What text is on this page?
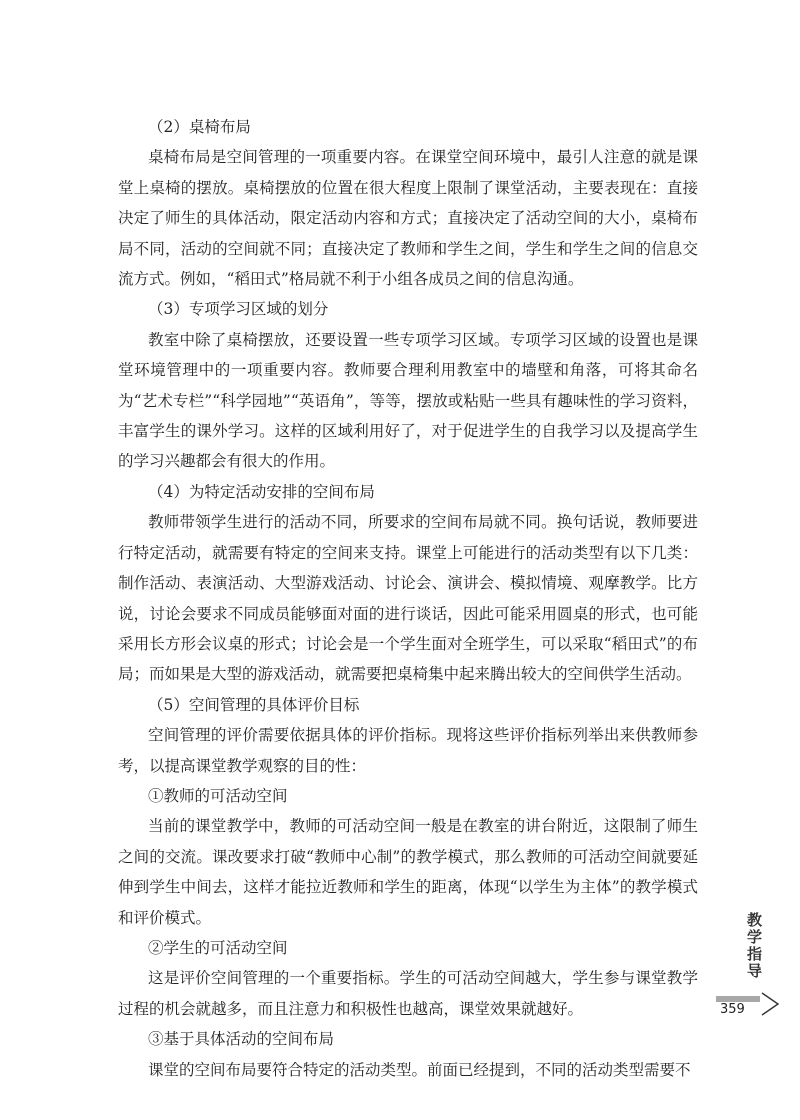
（2）桌椅布局

桌椅布局是空间管理的一项重要内容。在课堂空间环境中，最引人注意的就是课堂上桌椅的摆放。桌椅摆放的位置在很大程度上限制了课堂活动，主要表现在：直接决定了师生的具体活动，限定活动内容和方式；直接决定了活动空间的大小，桌椅布局不同，活动的空间就不同；直接决定了教师和学生之间，学生和学生之间的信息交流方式。例如，“稻田式”格局就不利于小组各成员之间的信息沟通。

（3）专项学习区域的划分

教室中除了桌椅摆放，还要设置一些专项学习区域。专项学习区域的设置也是课堂环境管理中的一项重要内容。教师要合理利用教室中的墙壁和角落，可将其命名为“艺术专栏”“科学园地”“英语角”，等等，摆放或粘贴一些具有趣味性的学习资料，丰富学生的课外学习。这样的区域利用好了，对于促进学生的自我学习以及提高学生的学习兴趣都会有很大的作用。

（4）为特定活动安排的空间布局

教师带领学生进行的活动不同，所要求的空间布局就不同。换句话说，教师要进行特定活动，就需要有特定的空间来支持。课堂上可能进行的活动类型有以下几类：制作活动、表演活动、大型游戏活动、讨论会、演讲会、模拟情境、观摩教学。比方说，讨论会要求不同成员能够面对面的进行谈话，因此可能采用圆桌的形式，也可能采用长方形会议桌的形式；讨论会是一个学生面对全班学生，可以采取“稻田式”的布局；而如果是大型的游戏活动，就需要把桌椅集中起来腾出较大的空间供学生活动。

（5）空间管理的具体评价目标

空间管理的评价需要依据具体的评价指标。现将这些评价指标列举出来供教师参考，以提高课堂教学观察的目的性：

①教师的可活动空间

当前的课堂教学中，教师的可活动空间一般是在教室的讲台附近，这限制了师生之间的交流。课改要求打破“教师中心制”的教学模式，那么教师的可活动空间就要延伸到学生中间去，这样才能拉近教师和学生的距离，体现“以学生为主体”的教学模式和评价模式。

②学生的可活动空间

这是评价空间管理的一个重要指标。学生的可活动空间越大，学生参与课堂教学过程的机会就越多，而且注意力和积极性也越高，课堂效果就越好。

③基于具体活动的空间布局

课堂的空间布局要符合特定的活动类型。前面已经提到，不同的活动类型需要不

教学指导
359
